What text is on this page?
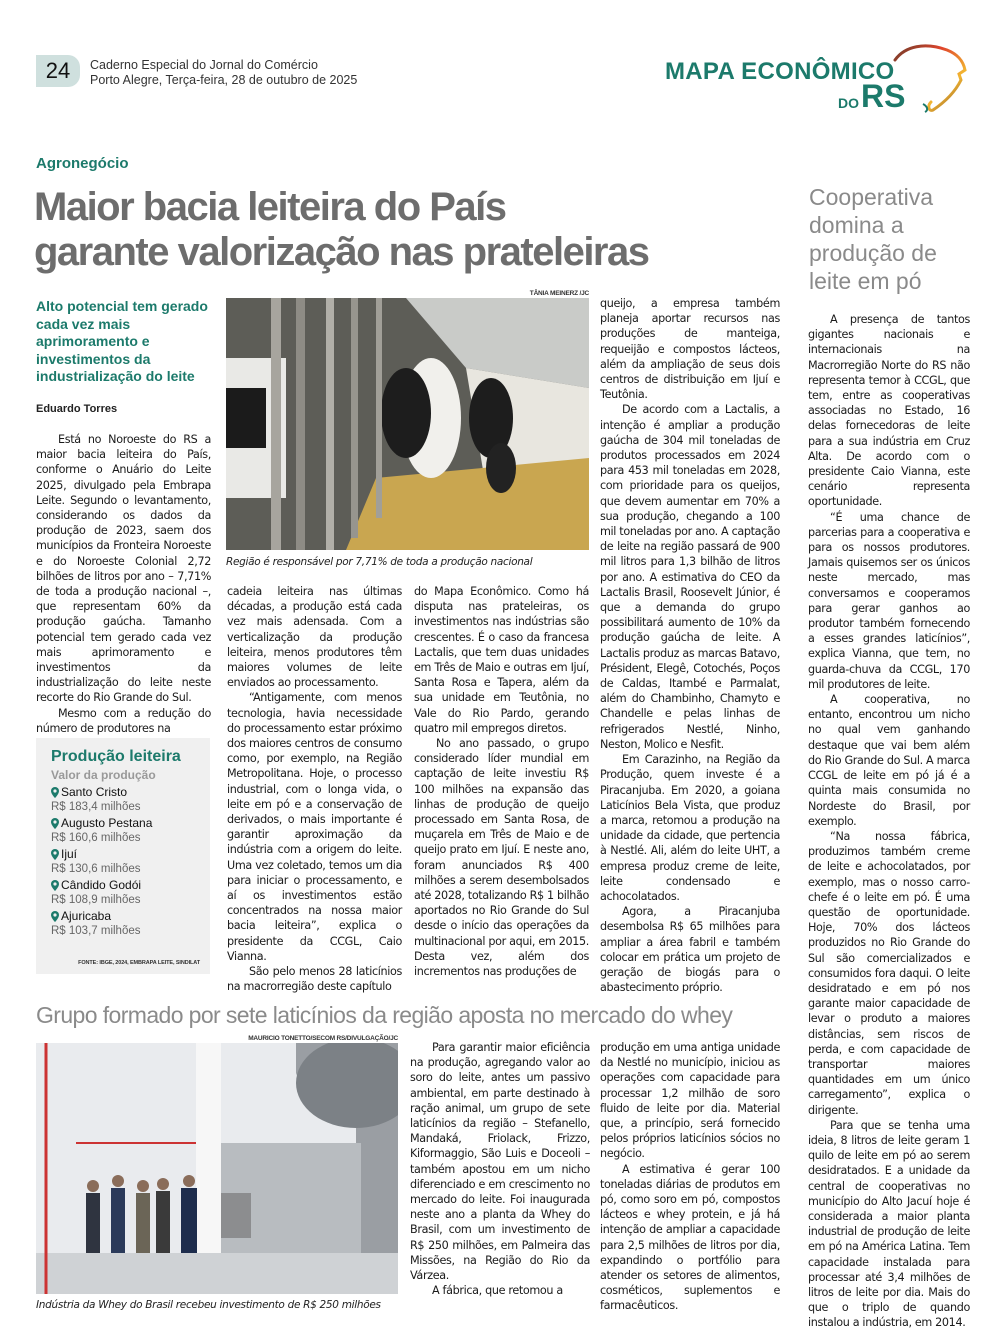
24	Caderno Especial do Jornal do Comércio
Porto Alegre, Terça-feira, 28 de outubro de 2025	MAPA ECONÔMICO
DO RS
Agronegócio
Maior bacia leiteira do País
garante valorização nas prateleiras
Cooperativa domina a produção de leite em pó
Alto potencial tem gerado cada vez mais aprimoramento e investimentos da industrialização do leite
Eduardo Torres

Está no Noroeste do RS a maior bacia leiteira do País, conforme o Anuário do Leite 2025, divulgado pela Embrapa Leite. Segundo o levantamento, considerando os dados da produção de 2023, saem dos municípios da Fronteira Noroeste e do Noroeste Colonial 2,72 bilhões de litros por ano – 7,71% de toda a produção nacional –, que representam 60% da produção gaúcha. Tamanho potencial tem gerado cada vez mais aprimoramento e investimentos da industrialização do leite neste recorte do Rio Grande do Sul.

Mesmo com a redução do número de produtores na

TÂNIA MEINERZ /JC
Região é responsável por 7,71% de toda a produção nacional

cadeia leiteira nas últimas décadas, a produção está cada vez mais adensada. Com a verticalização da produção leiteira, menos produtores têm maiores volumes de leite enviados ao processamento.

“Antigamente, com menos tecnologia, havia necessidade do processamento estar próximo dos maiores centros de consumo como, por exemplo, na Região Metropolitana. Hoje, o processo industrial, com o longa vida, o leite em pó e a conservação de derivados, o mais importante é garantir aproximação da indústria com a origem do leite. Uma vez coletado, temos um dia para iniciar o processamento, e aí os investimentos estão concentrados na nossa maior bacia leiteira”, explica o presidente da CCGL, Caio Vianna.

São pelo menos 28 laticínios na macrorregião deste capítulo

do Mapa Econômico. Como há disputa nas prateleiras, os investimentos nas indústrias são crescentes. É o caso da francesa Lactalis, que tem duas unidades em Três de Maio e outras em Ijuí, Santa Rosa e Tapera, além da sua unidade em Teutônia, no Vale do Rio Pardo, gerando quatro mil empregos diretos.

No ano passado, o grupo considerado líder mundial em captação de leite investiu R$ 100 milhões na expansão das linhas de produção de queijo processado em Santa Rosa, de muçarela em Três de Maio e de queijo prato em Ijuí. E neste ano, foram anunciados R$ 400 milhões a serem desembolsados até 2028, totalizando R$ 1 bilhão aportados no Rio Grande do Sul desde o início das operações da multinacional por aqui, em 2015. Desta vez, além dos incrementos nas produções de

queijo, a empresa também planeja aportar recursos nas produções de manteiga, requeijão e compostos lácteos, além da ampliação de seus dois centros de distribuição em Ijuí e Teutônia.

De acordo com a Lactalis, a intenção é ampliar a produção gaúcha de 304 mil toneladas de produtos processados em 2024 para 453 mil toneladas em 2028, com prioridade para os queijos, que devem aumentar em 70% a sua produção, chegando a 100 mil toneladas por ano. A captação de leite na região passará de 900 mil litros para 1,3 bilhão de litros por ano. A estimativa do CEO da Lactalis Brasil, Roosevelt Júnior, é que a demanda do grupo possibilitará aumento de 10% da produção gaúcha de leite. A Lactalis produz as marcas Batavo, Président, Elegê, Cotochés, Poços de Caldas, Itambé e Parmalat, além do Chambinho, Chamyto e Chandelle e pelas linhas de refrigerados Nestlé, Ninho, Neston, Molico e Nesfit.

Em Carazinho, na Região da Produção, quem investe é a Piracanjuba. Em 2020, a goiana Laticínios Bela Vista, que produz a marca, retomou a produção na unidade da cidade, que pertencia à Nestlé. Ali, além do leite UHT, a empresa produz creme de leite, leite condensado e achocolatados.

Agora, a Piracanjuba desembolsa R$ 65 milhões para ampliar a área fabril e também colocar em prática um projeto de geração de biogás para o abastecimento próprio.

A presença de tantos gigantes nacionais e internacionais na Macrorregião Norte do RS não representa temor à CCGL, que tem, entre as cooperativas associadas no Estado, 16 delas fornecedoras de leite para a sua indústria em Cruz Alta. De acordo com o presidente Caio Vianna, este cenário representa oportunidade.

“É uma chance de parcerias para a cooperativa e para os nossos produtores. Jamais quisemos ser os únicos neste mercado, mas conversamos e cooperamos para gerar ganhos ao produtor também fornecendo a esses grandes laticínios”, explica Vianna, que tem, no guarda-chuva da CCGL, 170 mil produtores de leite.

A cooperativa, no entanto, encontrou um nicho no qual vem ganhando destaque que vai bem além do Rio Grande do Sul. A marca CCGL de leite em pó já é a quinta mais consumida no Nordeste do Brasil, por exemplo.

“Na nossa fábrica, produzimos também creme de leite e achocolatados, por exemplo, mas o nosso carro-chefe é o leite em pó. É uma questão de oportunidade. Hoje, 70% dos lácteos produzidos no Rio Grande do Sul são comercializados e consumidos fora daqui. O leite desidratado e em pó nos garante maior capacidade de levar o produto a maiores distâncias, sem riscos de perda, e com capacidade de transportar maiores quantidades em um único carregamento”, explica o dirigente.

Para que se tenha uma ideia, 8 litros de leite geram 1 quilo de leite em pó ao serem desidratados. E a unidade da central de cooperativas no município do Alto Jacuí hoje é considerada a maior planta industrial de produção de leite em pó na América Latina. Tem capacidade instalada para processar até 3,4 milhões de litros de leite por dia. Mais do que o triplo de quando instalou a indústria, em 2014.

Produção leiteira
Valor da produção
Santo Cristo
R$ 183,4 milhões
Augusto Pestana
R$ 160,6 milhões
Ijuí
R$ 130,6 milhões
Cândido Godói
R$ 108,9 milhões
Ajuricaba
R$ 103,7 milhões
FONTE: IBGE, 2024, EMBRAPA LEITE, SINDILAT
Grupo formado por sete laticínios da região aposta no mercado do whey
MAURICIO TONETTO/SECOM RS/DIVULGAÇÃO/JC
Indústria da Whey do Brasil recebeu investimento de R$ 250 milhões

Para garantir maior eficiência na produção, agregando valor ao soro do leite, antes um passivo ambiental, em parte destinado à ração animal, um grupo de sete laticínios da região – Stefanello, Mandaká, Friolack, Frizzo, Kiformaggio, São Luis e Doceoli – também apostou em um nicho diferenciado e em crescimento no mercado do leite. Foi inaugurada neste ano a planta da Whey do Brasil, com um investimento de R$ 250 milhões, em Palmeira das Missões, na Região do Rio da Várzea.

A fábrica, que retomou a

produção em uma antiga unidade da Nestlé no município, iniciou as operações com capacidade para processar 1,2 milhão de soro fluido de leite por dia. Material que, a princípio, será fornecido pelos próprios laticínios sócios no negócio.

A estimativa é gerar 100 toneladas diárias de produtos em pó, como soro em pó, compostos lácteos e whey protein, e já há intenção de ampliar a capacidade para 2,5 milhões de litros por dia, expandindo o portfólio para atender os setores de alimentos, cosméticos, suplementos e farmacêuticos.
